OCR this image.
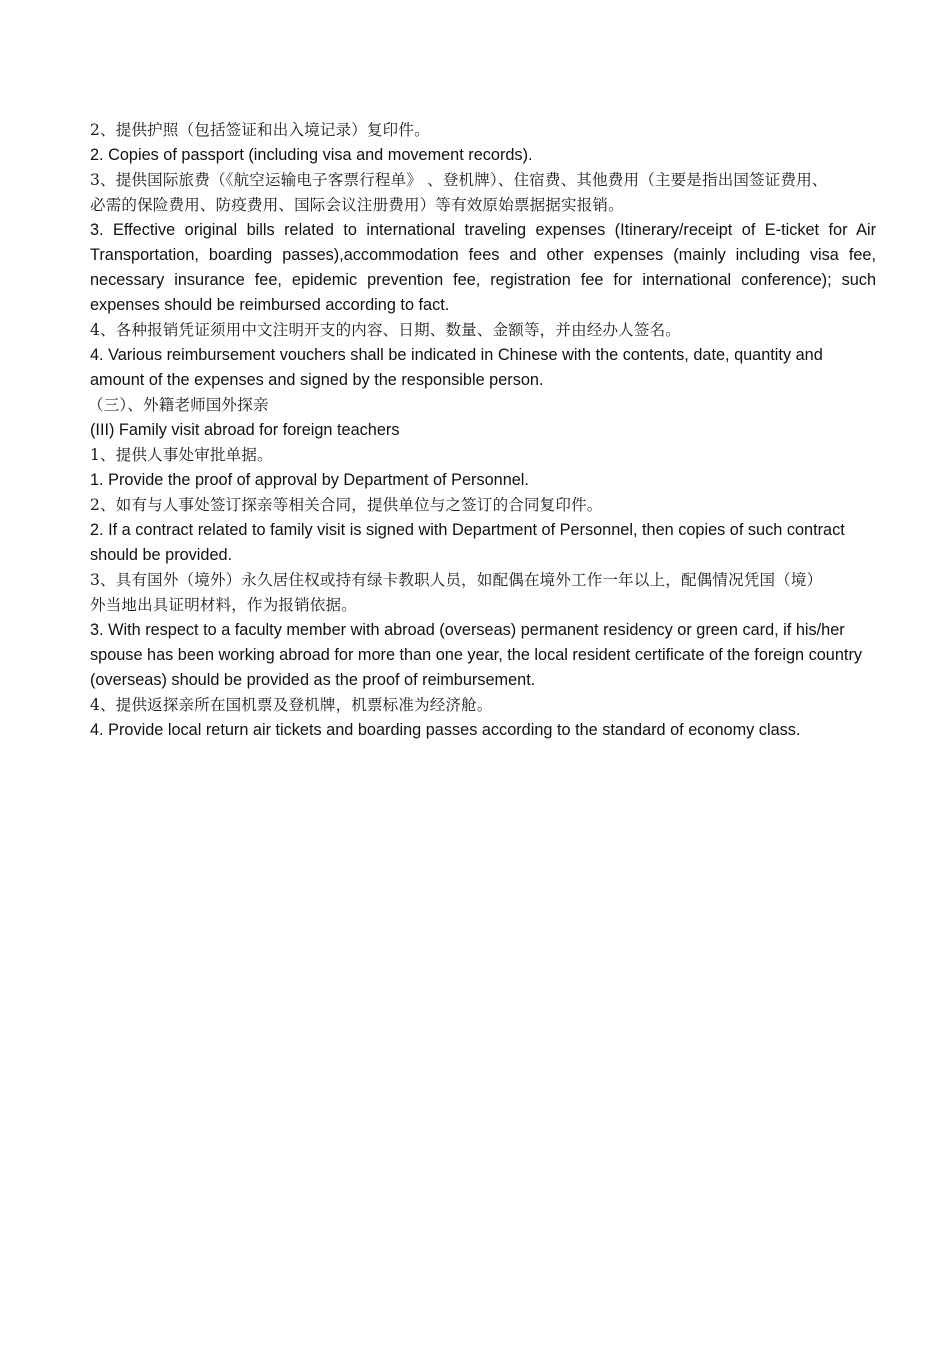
2、提供护照（包括签证和出入境记录）复印件。

2. Copies of passport (including visa and movement records).

3、提供国际旅费（《航空运输电子客票行程单》 、登机牌）、住宿费、其他费用（主要是指出国签证费用、必需的保险费用、防疫费用、国际会议注册费用）等有效原始票据据实报销。

3. Effective original bills related to international traveling expenses (Itinerary/receipt of E-ticket for Air Transportation, boarding passes),accommodation fees and other expenses (mainly including visa fee, necessary insurance fee, epidemic prevention fee, registration fee for international conference); such expenses should be reimbursed according to fact.

4、各种报销凭证须用中文注明开支的内容、日期、数量、金额等，并由经办人签名。

4. Various reimbursement vouchers shall be indicated in Chinese with the contents, date, quantity and amount of the expenses and signed by the responsible person.

（三）、外籍老师国外探亲

(III) Family visit abroad for foreign teachers

1、提供人事处审批单据。

1. Provide the proof of approval by Department of Personnel.

2、如有与人事处签订探亲等相关合同，提供单位与之签订的合同复印件。

2. If a contract related to family visit is signed with Department of Personnel, then copies of such contract should be provided.

3、具有国外（境外）永久居住权或持有绿卡教职人员，如配偶在境外工作一年以上，配偶情况凭国（境）外当地出具证明材料，作为报销依据。

3. With respect to a faculty member with abroad (overseas) permanent residency or green card, if his/her spouse has been working abroad for more than one year, the local resident certificate of the foreign country (overseas) should be provided as the proof of reimbursement.

4、提供返探亲所在国机票及登机牌，机票标准为经济舱。

4. Provide local return air tickets and boarding passes according to the standard of economy class.
